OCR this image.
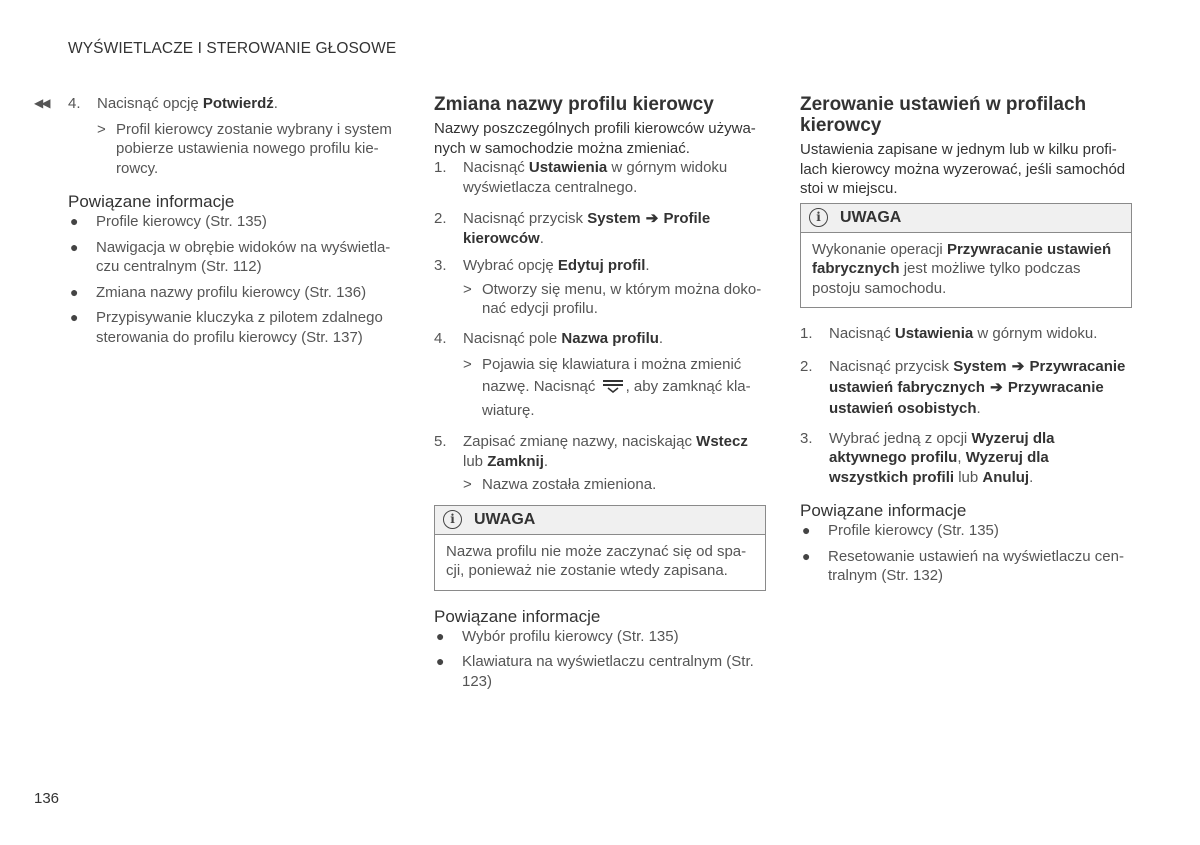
WYŚWIETLACZE I STEROWANIE GŁOSOWE
◀◀ 4. Nacisnąć opcję Potwierdź.
> Profil kierowcy zostanie wybrany i system pobierze ustawienia nowego profilu kie-rowcy.
Powiązane informacje
● Profile kierowcy (Str. 135)
● Nawigacja w obrębie widoków na wyświetla-czu centralnym (Str. 112)
● Zmiana nazwy profilu kierowcy (Str. 136)
● Przypisywanie kluczyka z pilotem zdalnego sterowania do profilu kierowcy (Str. 137)
Zmiana nazwy profilu kierowcy

Nazwy poszczególnych profili kierowców używa-nych w samochodzie można zmieniać.

1. Nacisnąć Ustawienia w górnym widoku wyświetlacza centralnego.
2. Nacisnąć przycisk System ➔ Profile kierowców.
3. Wybrać opcję Edytuj profil.
> Otworzy się menu, w którym można doko-nać edycji profilu.
4. Nacisnąć pole Nazwa profilu.
> Pojawia się klawiatura i można zmienić nazwę. Nacisnąć , aby zamknąć kla-wiaturę.
5. Zapisać zmianę nazwy, naciskając Wstecz lub Zamknij.
> Nazwa została zmieniona.
i	UWAGA
Nazwa profilu nie może zaczynać się od spa-cji, ponieważ nie zostanie wtedy zapisana.
Powiązane informacje
● Wybór profilu kierowcy (Str. 135)
● Klawiatura na wyświetlaczu centralnym (Str. 123)
Zerowanie ustawień w profilach kierowcy

Ustawienia zapisane w jednym lub w kilku profi-lach kierowcy można wyzerować, jeśli samochód stoi w miejscu.

i	UWAGA
Wykonanie operacji Przywracanie ustawień fabrycznych jest możliwe tylko podczas postoju samochodu.
1. Nacisnąć Ustawienia w górnym widoku.
2. Nacisnąć przycisk System ➔ Przywracanie ustawień fabrycznych ➔ Przywracanie ustawień osobistych.
3. Wybrać jedną z opcji Wyzeruj dla aktywnego profilu, Wyzeruj dla wszystkich profili lub Anuluj.
Powiązane informacje
● Profile kierowcy (Str. 135)
● Resetowanie ustawień na wyświetlaczu cen-tralnym (Str. 132)
136
